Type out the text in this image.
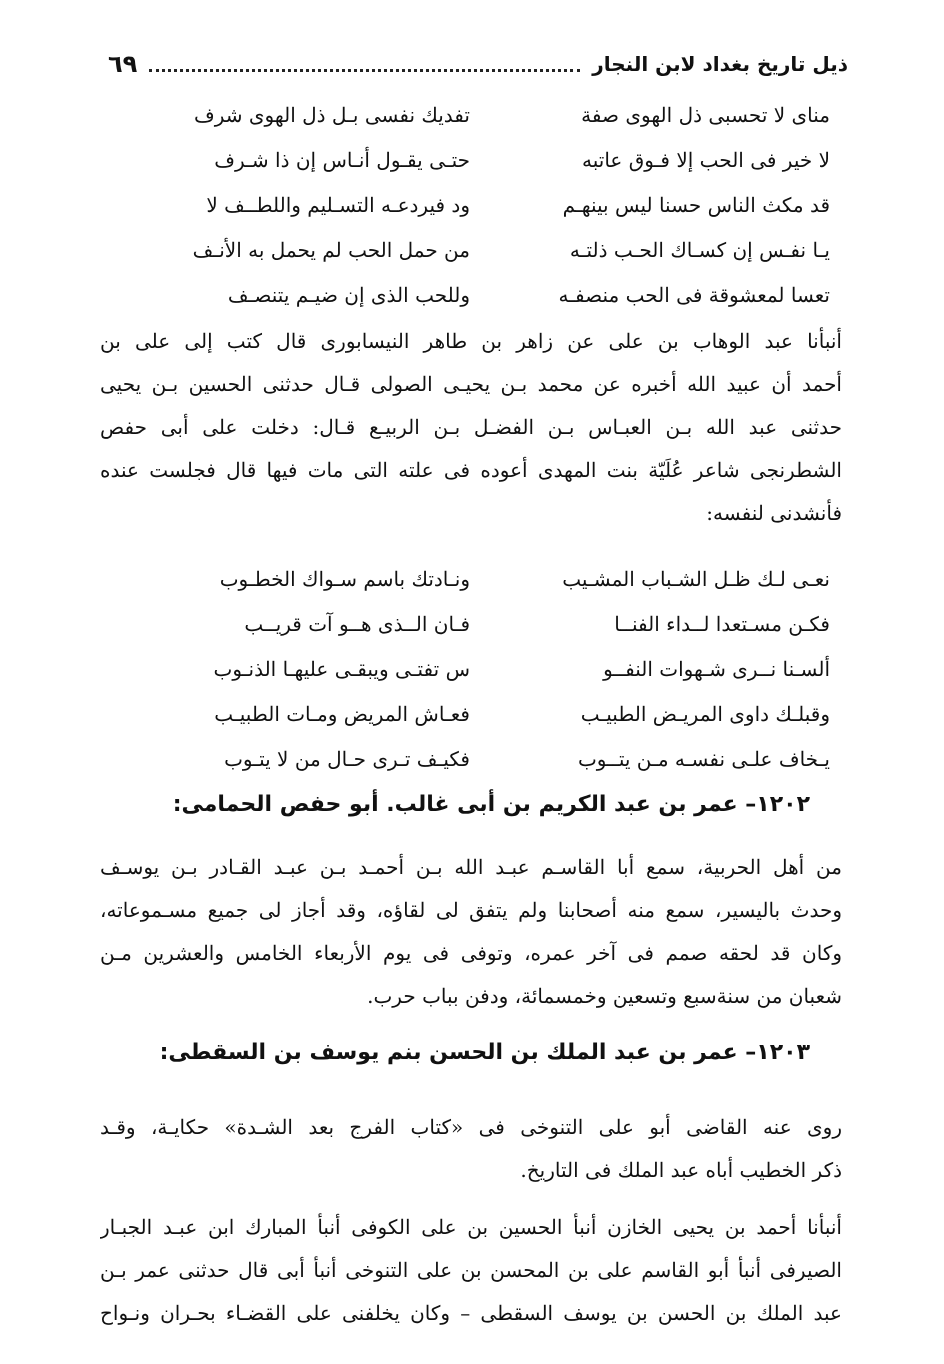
ذيل تاريخ بغداد لابن النجار
٦٩
منای لا تحسبی ذل الهوی صفة
تفديك نفسی بـل ذل الهوی شرف
لا خير فی الحب إلا فـوق عاتبه
حتـی يقـول أنـاس إن ذا شـرف
قد مكث الناس حسنا ليس بينهـم
ود فيردعـه التسـليم واللطــف لا
يـا نفـس إن كسـاك الحـب ذلتـه
من حمل الحب لم يحمل به الأنـف
تعسا لمعشوقة فی الحب منصفـه
وللحب الذی إن ضيـم يتنصـف
أنبأنا عبد الوهاب بن علی عن زاهر بن طاهر النيسابوری قال كتب إلی علی بن
أحمد أن عبيد الله أخبره عن محمد بـن يحيـی الصولی قـال حدثنی الحسين بـن يحيی
حدثنی عبد الله بـن العبـاس بـن الفضـل بـن الربيـع قـال: دخلت علی أبی حفص
الشطرنجی شاعر عُلَيّة بنت المهدی أعوده فی علته التی مات فيها قال فجلست عنده
فأنشدنی لنفسه:
نعـی لـك ظـل الشـباب المشـيب
ونـادتك باسم سـواك الخطـوب
فكـن مسـتعدا لــداء الفنــا
فـان الــذی هــو آت قريــب
ألسـنا نــری شـهوات النفــو
س تفتـی ويبقـی عليهـا الذنـوب
وقبلـك داوی المريـض الطبيـب
فعـاش المريض ومـات الطبيـب
يـخاف علـی نفسـه مـن يتــوب
فكيـف تـری حـال من لا يتـوب
١٢٠٢– عمر بن عبد الكريم بن أبی غالب. أبو حفص الحمامی:
من أهل الحربية، سمع أبا القاسـم عبـد الله بـن أحمـد بـن عبـد القـادر بـن يوسـف
وحدث باليسير، سمع منه أصحابنا ولم يتفق لی لقاؤه، وقد أجاز لی جميع مسـموعاته،
وكان قد لحقه صمم فی آخر عمره، وتوفی فی يوم الأربعاء الخامس والعشرين مـن
شعبان من سنةسبع وتسعين وخمسمائة، ودفن بباب حرب.
١٢٠٣– عمر بن عبد الملك بن الحسن بنم يوسف بن السقطی:
روی عنه القاضی أبو علی التنوخی فی «كتاب الفرج بعد الشـدة» حكايـة، وقـد
ذكر الخطيب أباه عبد الملك فی التاريخ.
أنبأنا أحمد بن يحيی الخازن أنبأ الحسين بن علی الكوفی أنبأ المبارك ابن عبـد الجبـار
الصيرفی أنبأ أبو القاسم علی بن المحسن بن علی التنوخی أنبأ أبی قال حدثنی عمر بـن
عبد الملك بن الحسن بن يوسف السقطی – وكان يخلفنی علی القضـاء بحـران ونـواح
